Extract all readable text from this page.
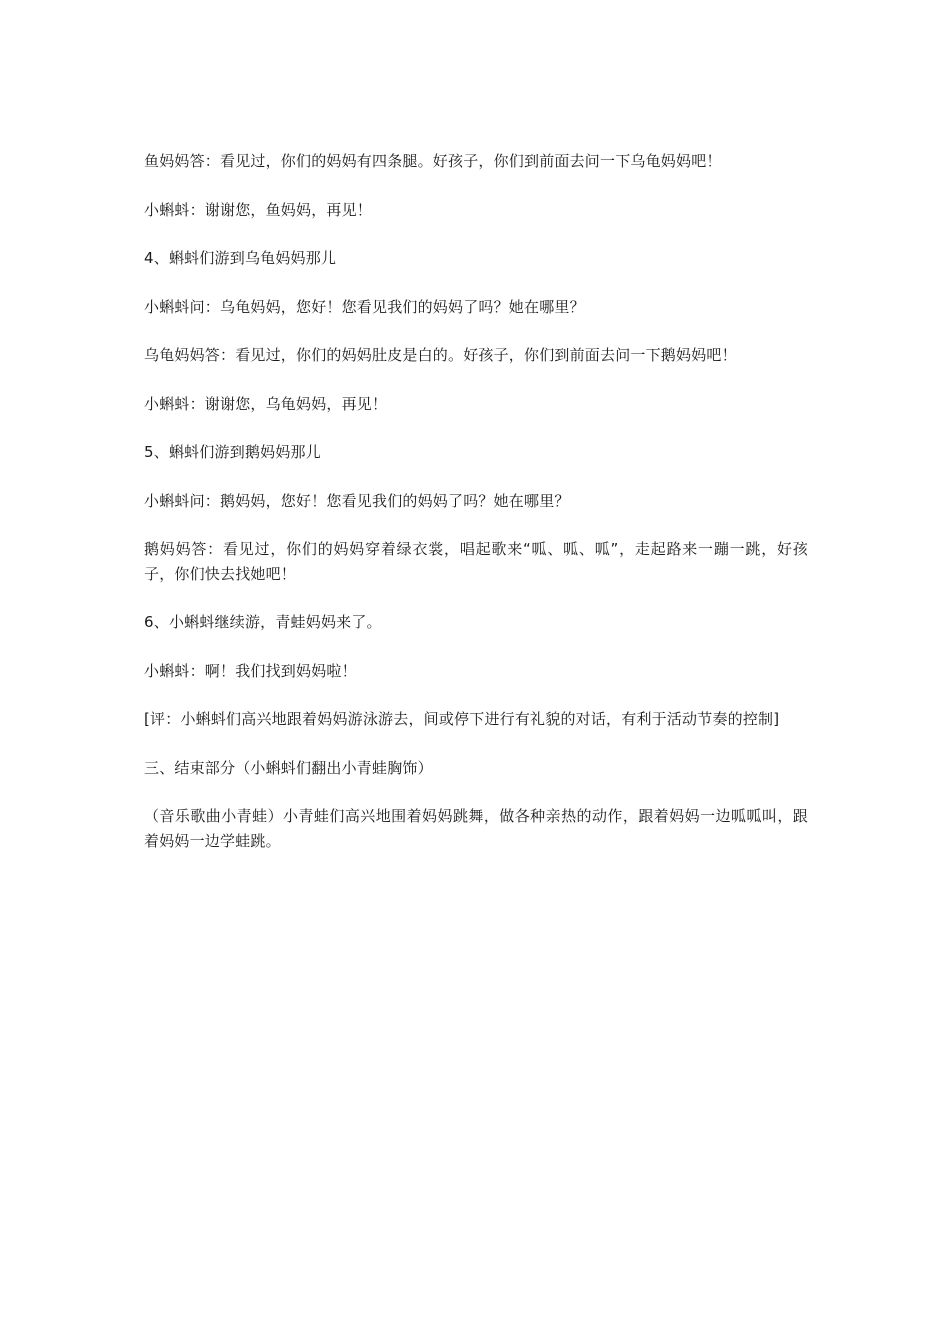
鱼妈妈答：看见过，你们的妈妈有四条腿。好孩子，你们到前面去问一下乌龟妈妈吧！

小蝌蚪：谢谢您，鱼妈妈，再见！

4、蝌蚪们游到乌龟妈妈那儿

小蝌蚪问：乌龟妈妈，您好！您看见我们的妈妈了吗？她在哪里？

乌龟妈妈答：看见过，你们的妈妈肚皮是白的。好孩子，你们到前面去问一下鹅妈妈吧！

小蝌蚪：谢谢您，乌龟妈妈，再见！

5、蝌蚪们游到鹅妈妈那儿

小蝌蚪问：鹅妈妈，您好！您看见我们的妈妈了吗？她在哪里？

鹅妈妈答：看见过，你们的妈妈穿着绿衣裳，唱起歌来“呱、呱、呱”，走起路来一蹦一跳，好孩子，你们快去找她吧！

6、小蝌蚪继续游，青蛙妈妈来了。

小蝌蚪：啊！我们找到妈妈啦！

[评：小蝌蚪们高兴地跟着妈妈游泳游去，间或停下进行有礼貌的对话，有利于活动节奏的控制]

三、结束部分（小蝌蚪们翻出小青蛙胸饰）

（音乐歌曲小青蛙）小青蛙们高兴地围着妈妈跳舞，做各种亲热的动作，跟着妈妈一边呱呱叫，跟着妈妈一边学蛙跳。
